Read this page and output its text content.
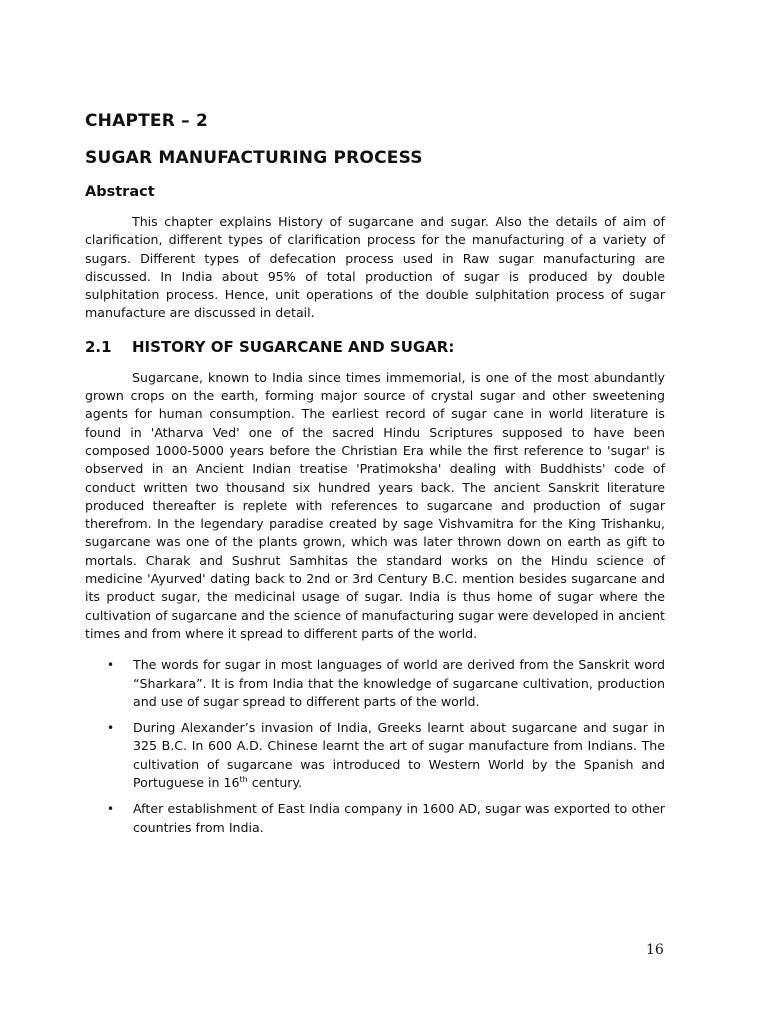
CHAPTER – 2
SUGAR MANUFACTURING PROCESS
Abstract

This chapter explains History of sugarcane and sugar. Also the details of aim of clarification, different types of clarification process for the manufacturing of a variety of sugars. Different types of defecation process used in Raw sugar manufacturing are discussed. In India about 95% of total production of sugar is produced by double sulphitation process. Hence, unit operations of the double sulphitation process of sugar manufacture are discussed in detail.

2.1	HISTORY OF SUGARCANE AND SUGAR:

Sugarcane, known to India since times immemorial, is one of the most abundantly grown crops on the earth, forming major source of crystal sugar and other sweetening agents for human consumption. The earliest record of sugar cane in world literature is found in 'Atharva Ved' one of the sacred Hindu Scriptures supposed to have been composed 1000-5000 years before the Christian Era while the first reference to 'sugar' is observed in an Ancient Indian treatise 'Pratimoksha' dealing with Buddhists' code of conduct written two thousand six hundred years back. The ancient Sanskrit literature produced thereafter is replete with references to sugarcane and production of sugar therefrom. In the legendary paradise created by sage Vishvamitra for the King Trishanku, sugarcane was one of the plants grown, which was later thrown down on earth as gift to mortals. Charak and Sushrut Samhitas the standard works on the Hindu science of medicine 'Ayurved' dating back to 2nd or 3rd Century B.C. mention besides sugarcane and its product sugar, the medicinal usage of sugar. India is thus home of sugar where the cultivation of sugarcane and the science of manufacturing sugar were developed in ancient times and from where it spread to different parts of the world.

•	The words for sugar in most languages of world are derived from the Sanskrit word “Sharkara”. It is from India that the knowledge of sugarcane cultivation, production and use of sugar spread to different parts of the world.
•	During Alexander’s invasion of India, Greeks learnt about sugarcane and sugar in 325 B.C. In 600 A.D. Chinese learnt the art of sugar manufacture from Indians. The cultivation of sugarcane was introduced to Western World by the Spanish and Portuguese in 16th century.
•	After establishment of East India company in 1600 AD, sugar was exported to other countries from India.
16
